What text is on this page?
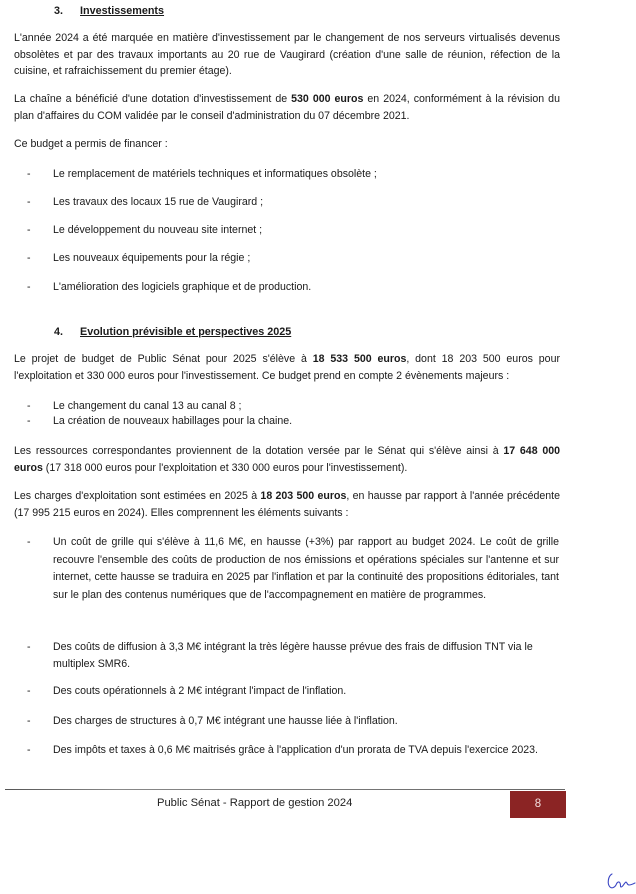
3. Investissements
L'année 2024 a été marquée en matière d'investissement par le changement de nos serveurs virtualisés devenus obsolètes et par des travaux importants au 20 rue de Vaugirard (création d'une salle de réunion, réfection de la cuisine, et rafraichissement du premier étage).
La chaîne a bénéficié d'une dotation d'investissement de 530 000 euros en 2024, conformément à la révision du plan d'affaires du COM validée par le conseil d'administration du 07 décembre 2021.
Ce budget a permis de financer :
-	Le remplacement de matériels techniques et informatiques obsolète ;
-	Les travaux des locaux 15 rue de Vaugirard ;
-	Le développement du nouveau site internet ;
-	Les nouveaux équipements pour la régie ;
-	L'amélioration des logiciels graphique et de production.
4. Evolution prévisible et perspectives 2025
Le projet de budget de Public Sénat pour 2025 s'élève à 18 533 500 euros, dont 18 203 500 euros pour l'exploitation et 330 000 euros pour l'investissement. Ce budget prend en compte 2 évènements majeurs :
-	Le changement du canal 13 au canal 8 ;
-	La création de nouveaux habillages pour la chaine.
Les ressources correspondantes proviennent de la dotation versée par le Sénat qui s'élève ainsi à 17 648 000 euros (17 318 000 euros pour l'exploitation et 330 000 euros pour l'investissement).
Les charges d'exploitation sont estimées en 2025 à 18 203 500 euros, en hausse par rapport à l'année précédente (17 995 215 euros en 2024). Elles comprennent les éléments suivants :
-	Un coût de grille qui s'élève à 11,6 M€, en hausse (+3%) par rapport au budget 2024. Le coût de grille recouvre l'ensemble des coûts de production de nos émissions et opérations spéciales sur l'antenne et sur internet, cette hausse se traduira en 2025 par l'inflation et par la continuité des propositions éditoriales, tant sur le plan des contenus numériques que de l'accompagnement en matière de programmes.
-	Des coûts de diffusion à 3,3 M€ intégrant la très légère hausse prévue des frais de diffusion TNT via le multiplex SMR6.
-	Des couts opérationnels à 2 M€ intégrant l'impact de l'inflation.
-	Des charges de structures à 0,7 M€ intégrant une hausse liée à l'inflation.
-	Des impôts et taxes à 0,6 M€ maitrisés grâce à l'application d'un prorata de TVA depuis l'exercice 2023.
Public Sénat - Rapport de gestion 2024	8
